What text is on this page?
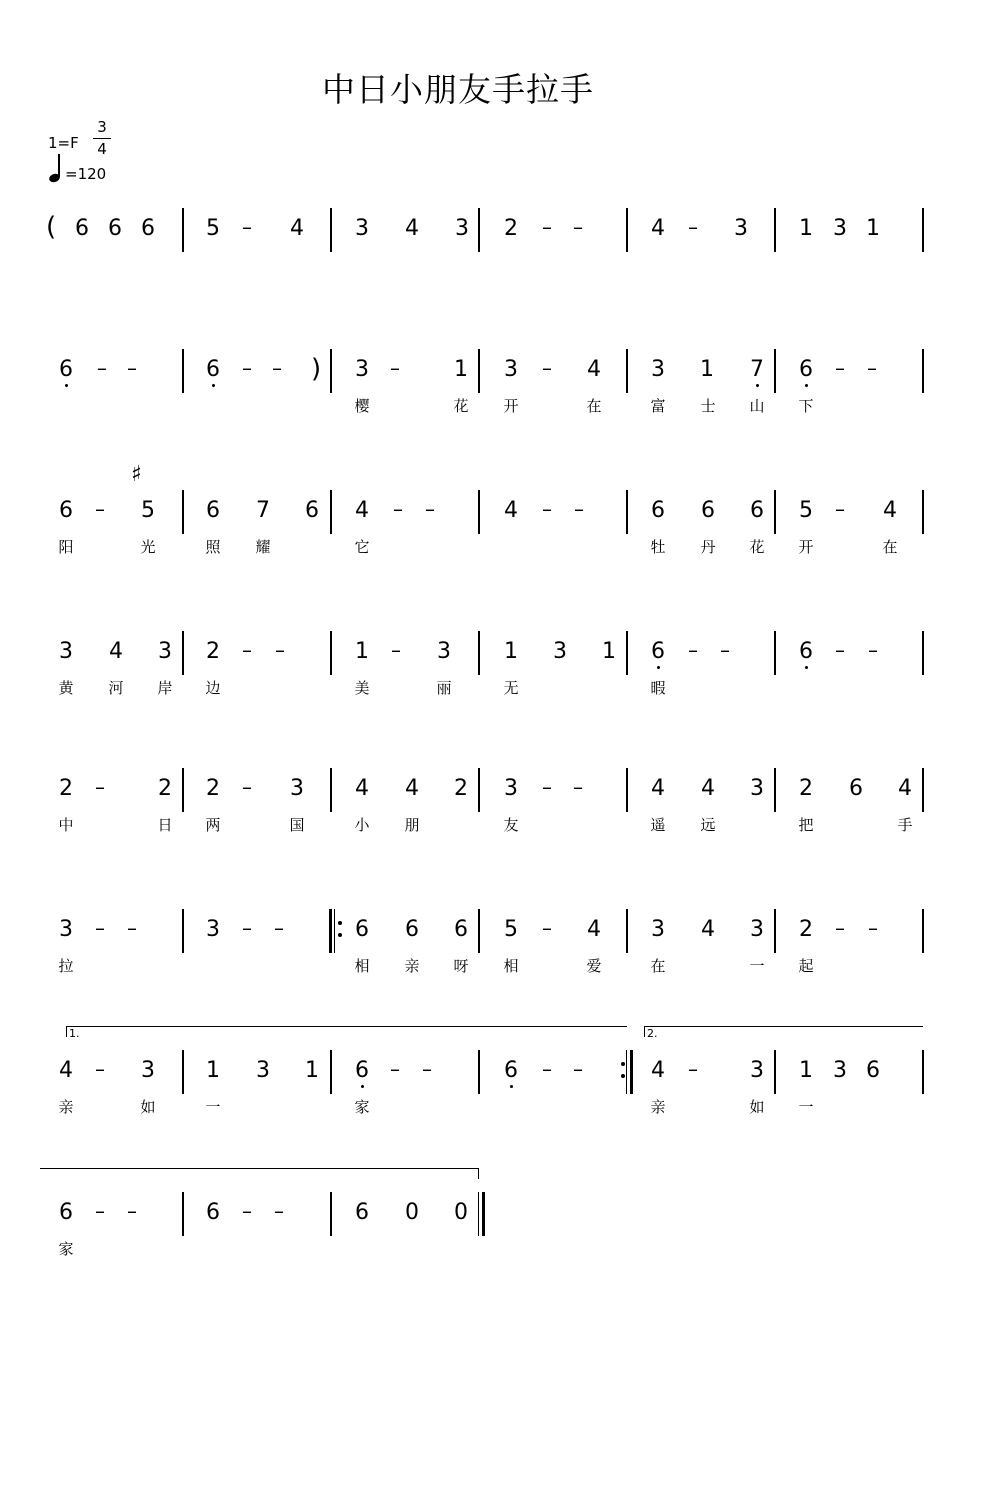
中日小朋友手拉手
1=F
3
4
=120
( 6 6 6 5 – 4 3 4 3 2 – –	4 – 3 1 3 1
6 – –	6 – – ) 3 – 1 3 – 4 3 1 7 6 – –
樱	花 开	在	富 士 山 下
6 – 5
♯
6 7 6 4 – –	4 – –	6 6 6 5 – 4
阳	光	照 耀	它	牡 丹 花 开	在
3 4 3 2 – –	1 – 3 1 3 1 6 – –	6 – –
黄 河 岸 边	美	丽	无	暇
2 – 2 2 – 3 4 4 2 3 – –	4 4 3 2 6 4
中	日 两	国	小 朋	友	遥 远	把	手
3 – –	3 – –	6 6 6 5 – 4 3 4 3 2 – –
拉	相 亲 呀 相	爱	在	一 起
4 – 3 1 3 1 6 – –	6 – –	4 – 3 1 3 6
亲	如	一	家	亲	如 一
1.	2.
6 – –	6 – –	6 0 0
家
